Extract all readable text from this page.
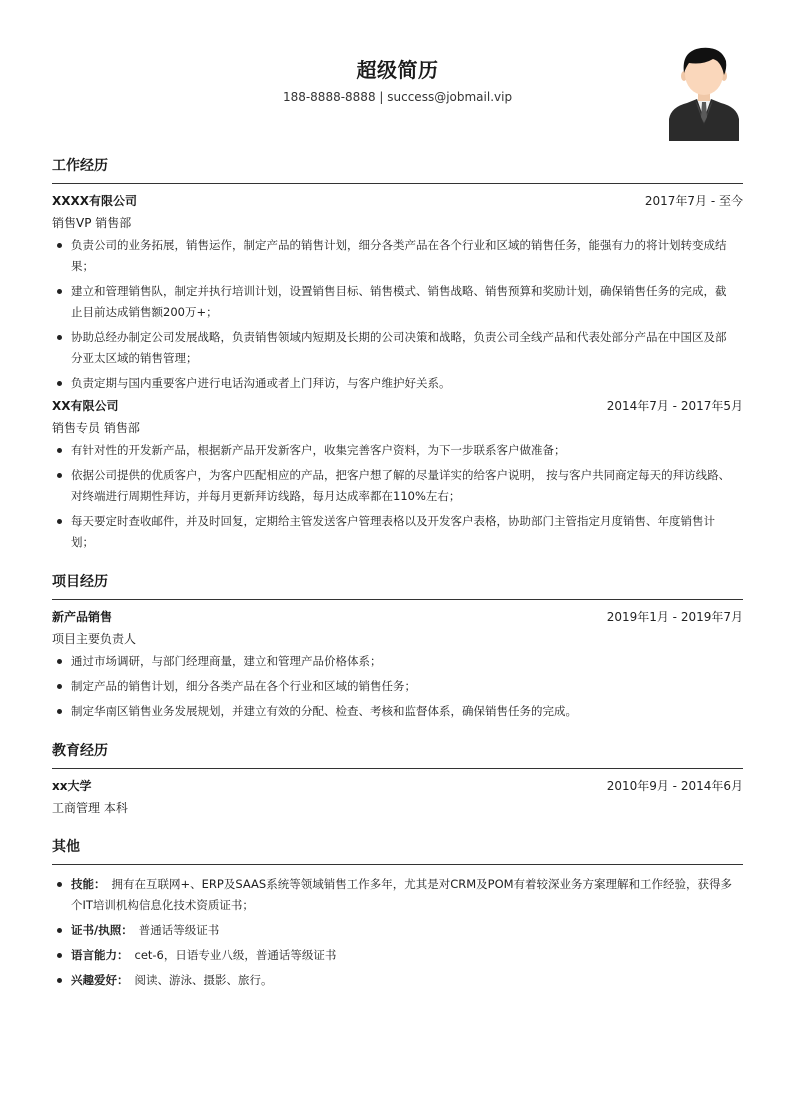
超级简历
188-8888-8888 | success@jobmail.vip
工作经历
XXXX有限公司	2017年7月 - 至今
销售VP 销售部
负责公司的业务拓展，销售运作，制定产品的销售计划，细分各类产品在各个行业和区域的销售任务，能强有力的将计划转变成结果；
建立和管理销售队，制定并执行培训计划，设置销售目标、销售模式、销售战略、销售预算和奖励计划，确保销售任务的完成，截止目前达成销售额200万+；
协助总经办制定公司发展战略，负责销售领域内短期及长期的公司决策和战略，负责公司全线产品和代表处部分产品在中国区及部分亚太区域的销售管理；
负责定期与国内重要客户进行电话沟通或者上门拜访，与客户维护好关系。
XX有限公司	2014年7月 - 2017年5月
销售专员 销售部
有针对性的开发新产品，根据新产品开发新客户，收集完善客户资料，为下一步联系客户做准备；
依据公司提供的优质客户，为客户匹配相应的产品，把客户想了解的尽量详实的给客户说明， 按与客户共同商定每天的拜访线路、对终端进行周期性拜访，并每月更新拜访线路，每月达成率都在110%左右；
每天要定时查收邮件，并及时回复，定期给主管发送客户管理表格以及开发客户表格，协助部门主管指定月度销售、年度销售计划；
项目经历
新产品销售	2019年1月 - 2019年7月
项目主要负责人
通过市场调研，与部门经理商量，建立和管理产品价格体系；
制定产品的销售计划，细分各类产品在各个行业和区域的销售任务；
制定华南区销售业务发展规划，并建立有效的分配、检查、考核和监督体系，确保销售任务的完成。
教育经历
xx大学	2010年9月 - 2014年6月
工商管理 本科
其他
技能： 拥有在互联网+、ERP及SAAS系统等领域销售工作多年，尤其是对CRM及POM有着较深业务方案理解和工作经验，获得多个IT培训机构信息化技术资质证书；
证书/执照： 普通话等级证书
语言能力： cet-6，日语专业八级，普通话等级证书
兴趣爱好： 阅读、游泳、摄影、旅行。
